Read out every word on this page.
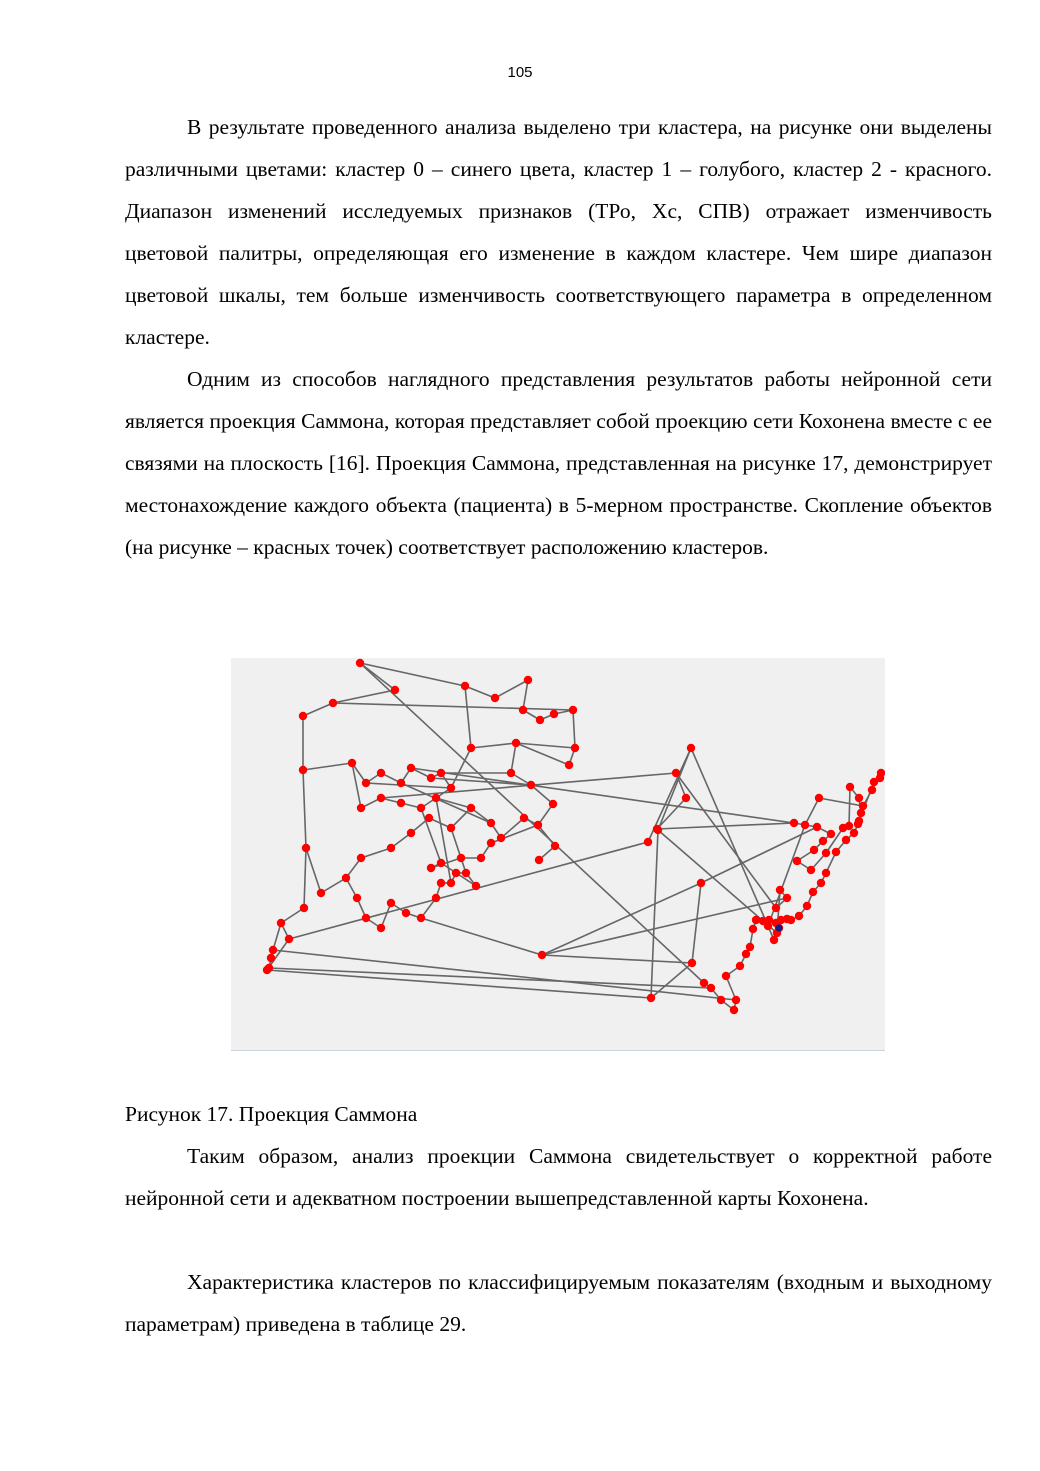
105

В результате проведенного анализа выделено три кластера, на рисунке они выделены различными цветами: кластер 0 – синего цвета, кластер 1 – голубого, кластер 2 - красного. Диапазон изменений исследуемых признаков (ТРо, Хс, СПВ) отражает изменчивость цветовой палитры, определяющая его изменение в каждом кластере. Чем шире диапазон цветовой шкалы, тем больше изменчивость соответствующего параметра в определенном кластере.

Одним из способов наглядного представления результатов работы нейронной сети является проекция Саммона, которая представляет собой проекцию сети Кохонена вместе с ее связями на плоскость [16]. Проекция Саммона, представленная на рисунке 17, демонстрирует местонахождение каждого объекта (пациента) в 5-мерном пространстве. Скопление объектов (на рисунке – красных точек) соответствует расположению кластеров.

Рисунок 17. Проекция Саммона

Таким образом, анализ проекции Саммона свидетельствует о корректной работе нейронной сети и адекватном построении вышепредставленной карты Кохонена.

Характеристика кластеров по классифицируемым показателям (входным и выходному параметрам) приведена в таблице 29.
